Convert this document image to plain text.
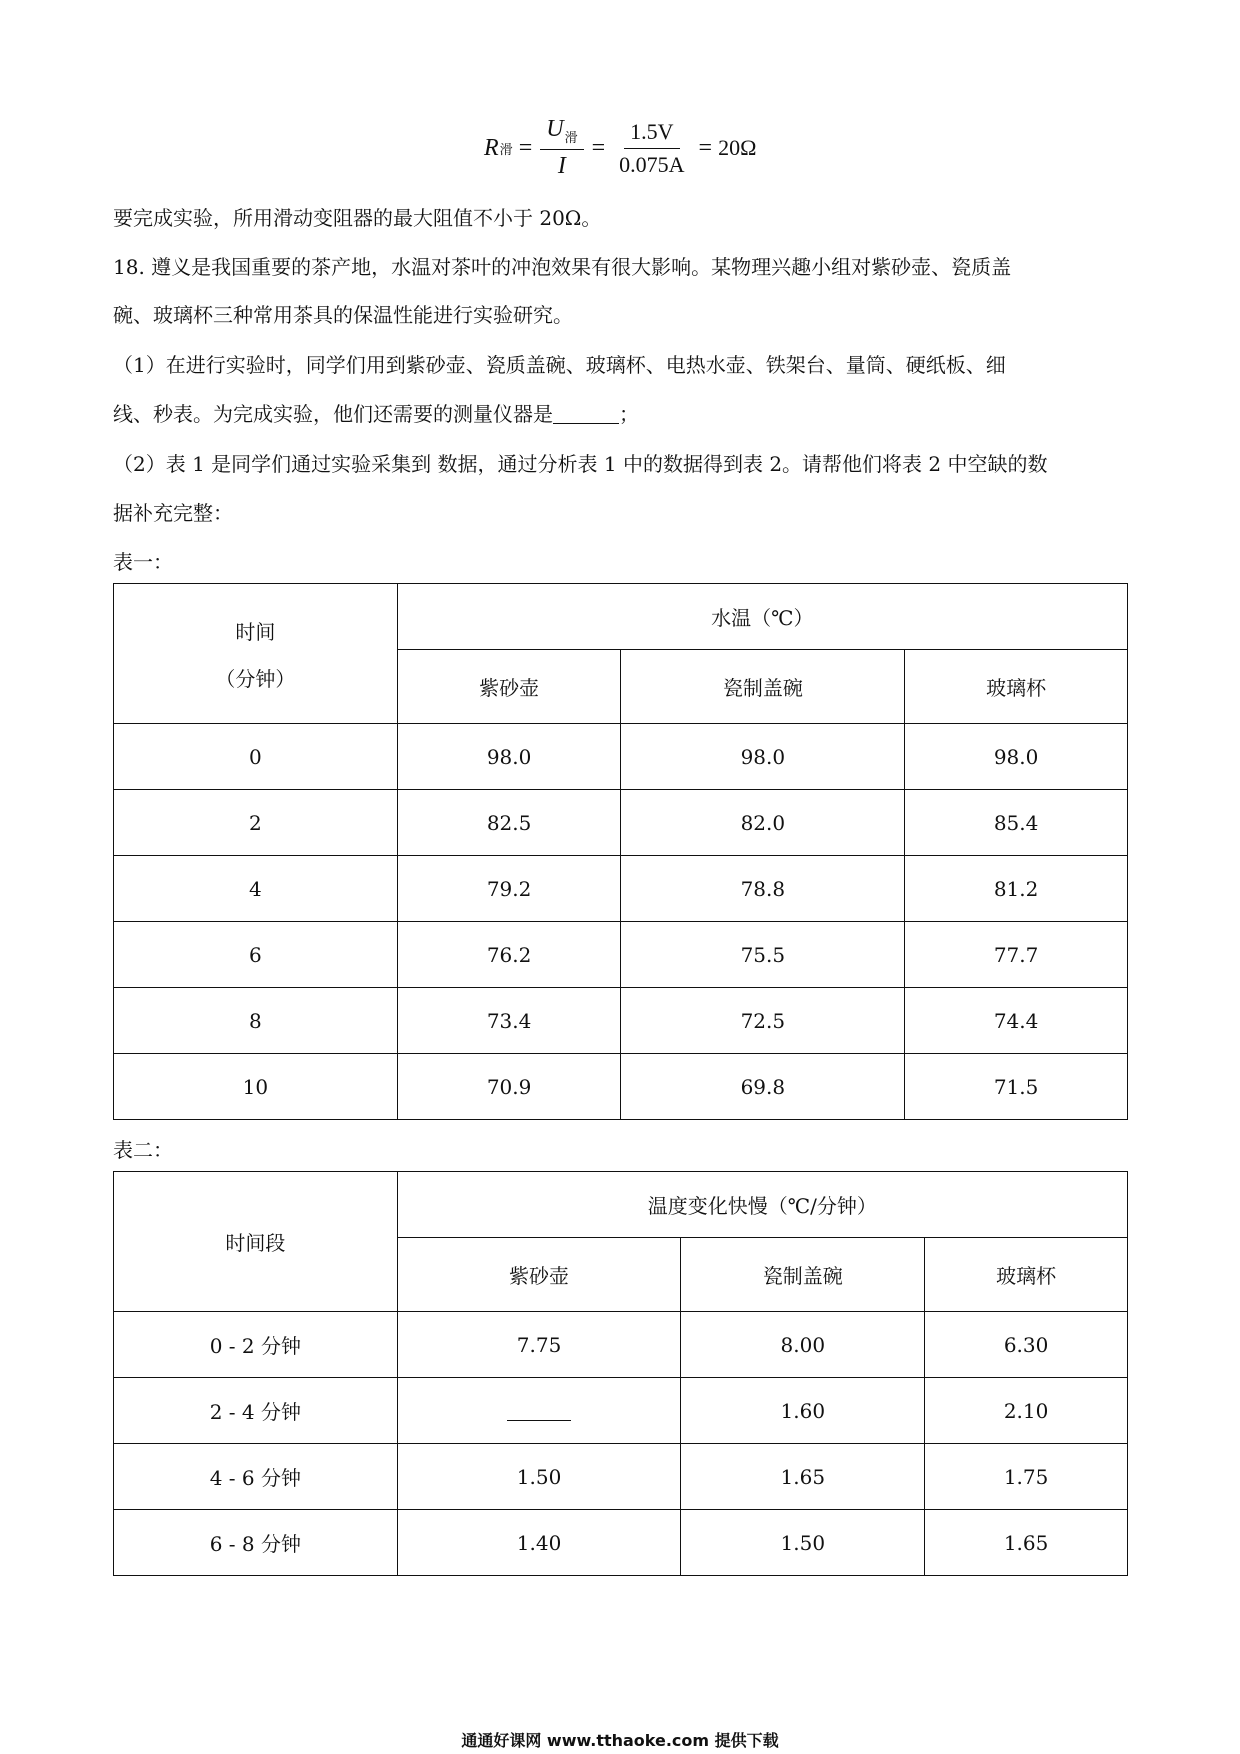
R 滑 = $\frac{U_滑}{I} = \frac{1.5V}{0.075A} = 20\Omega$
要完成实验，所用滑动变阻器的最大阻值不小于 20Ω。
18. 遵义是我国重要的茶产地，水温对茶叶的冲泡效果有很大影响。某物理兴趣小组对紫砂壶、瓷质盖
碗、玻璃杯三种常用茶具的保温性能进行实验研究。
（1）在进行实验时，同学们用到紫砂壶、瓷质盖碗、玻璃杯、电热水壶、铁架台、量筒、硬纸板、细
线、秒表。为完成实验，他们还需要的测量仪器是	；
（2）表 1 是同学们通过实验采集到 数据，通过分析表 1 中的数据得到表 2。请帮他们将表 2 中空缺的数
据补充完整：
表一：
时间
（分钟）	水温（℃）		
	紫砂壶	瓷制盖碗	玻璃杯
0	98.0	98.0	98.0
2	82.5	82.0	85.4
4	79.2	78.8	81.2
6	76.2	75.5	77.7
8	73.4	72.5	74.4
10	70.9	69.8	71.5
表二：
时间段	温度变化快慢（℃/分钟）		
	紫砂壶	瓷制盖碗	玻璃杯
0 - 2 分钟	7.75	8.00	6.30
2 - 4 分钟		1.60	2.10
4 - 6 分钟	1.50	1.65	1.75
6 - 8 分钟	1.40	1.50	1.65
通通好课网 www.tthaoke.com 提供下载
